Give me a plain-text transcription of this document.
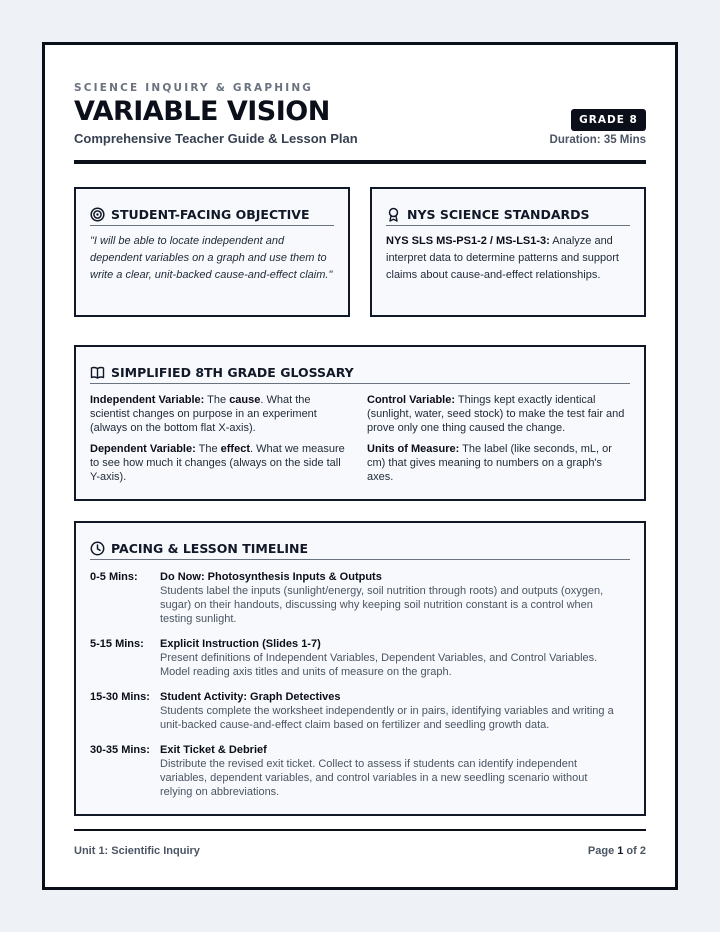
SCIENCE INQUIRY & GRAPHING
VARIABLE VISION
Comprehensive Teacher Guide & Lesson Plan
GRADE 8
Duration: 35 Mins
STUDENT-FACING OBJECTIVE
"I will be able to locate independent and dependent variables on a graph and use them to write a clear, unit-backed cause-and-effect claim."
NYS SCIENCE STANDARDS
NYS SLS MS-PS1-2 / MS-LS1-3: Analyze and interpret data to determine patterns and support claims about cause-and-effect relationships.
SIMPLIFIED 8TH GRADE GLOSSARY
Independent Variable: The cause. What the scientist changes on purpose in an experiment (always on the bottom flat X-axis).
Control Variable: Things kept exactly identical (sunlight, water, seed stock) to make the test fair and prove only one thing caused the change.
Dependent Variable: The effect. What we measure to see how much it changes (always on the side tall Y-axis).
Units of Measure: The label (like seconds, mL, or cm) that gives meaning to numbers on a graph's axes.
PACING & LESSON TIMELINE
0-5 Mins:	Do Now: Photosynthesis Inputs & Outputs
Students label the inputs (sunlight/energy, soil nutrition through roots) and outputs (oxygen, sugar) on their handouts, discussing why keeping soil nutrition constant is a control when testing sunlight.
5-15 Mins:	Explicit Instruction (Slides 1-7)
Present definitions of Independent Variables, Dependent Variables, and Control Variables. Model reading axis titles and units of measure on the graph.
15-30 Mins: Student Activity: Graph Detectives
Students complete the worksheet independently or in pairs, identifying variables and writing a unit-backed cause-and-effect claim based on fertilizer and seedling growth data.
30-35 Mins: Exit Ticket & Debrief
Distribute the revised exit ticket. Collect to assess if students can identify independent variables, dependent variables, and control variables in a new seedling scenario without relying on abbreviations.
Unit 1: Scientific Inquiry	Page 1 of 2
